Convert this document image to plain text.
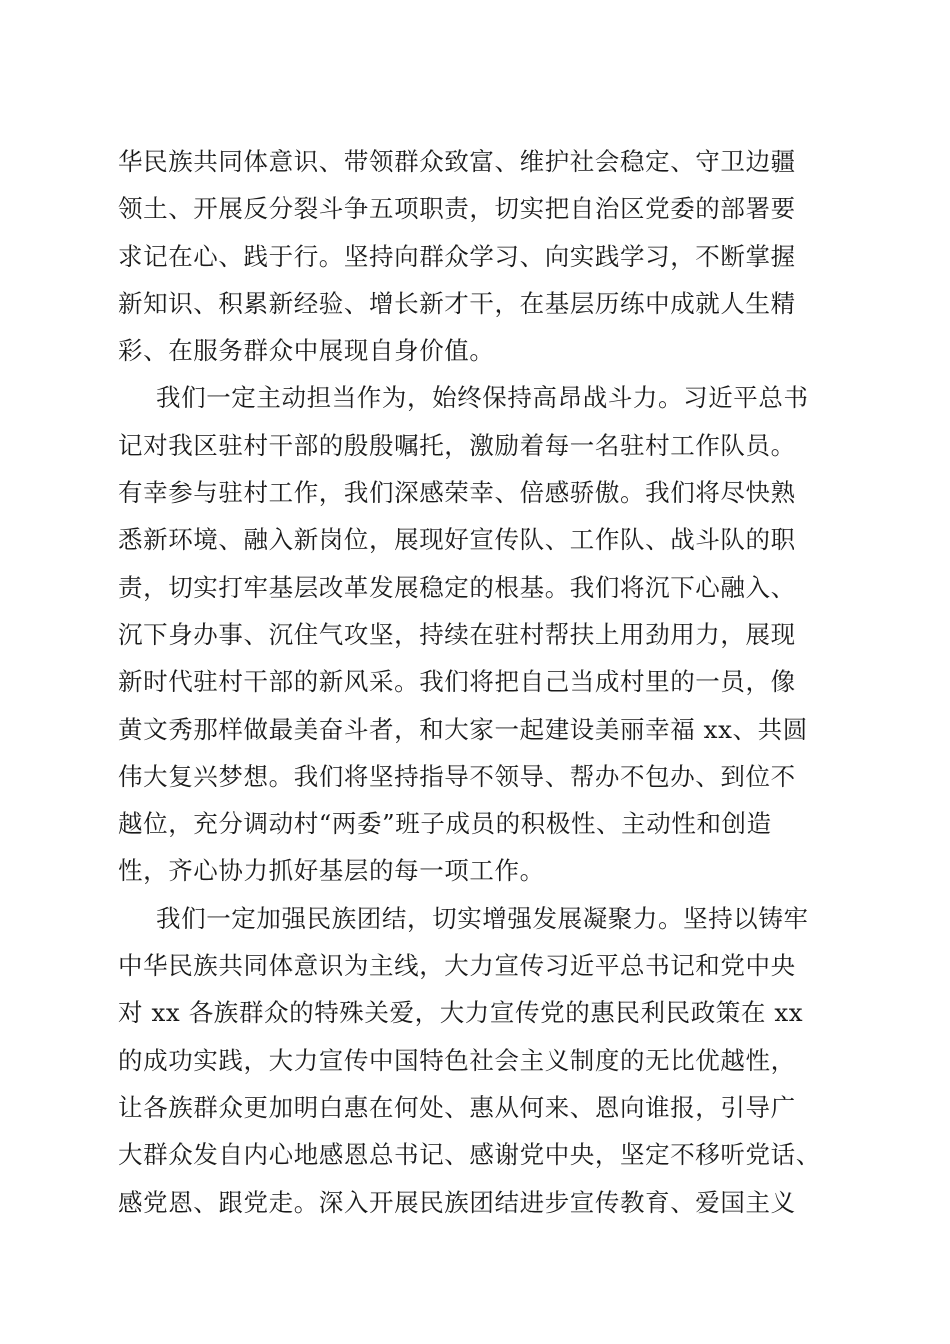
华民族共同体意识、带领群众致富、维护社会稳定、守卫边疆
领土、开展反分裂斗争五项职责，切实把自治区党委的部署要
求记在心、践于行。坚持向群众学习、向实践学习，不断掌握
新知识、积累新经验、增长新才干，在基层历练中成就人生精
彩、在服务群众中展现自身价值。
我们一定主动担当作为，始终保持高昂战斗力。习近平总书
记对我区驻村干部的殷殷嘱托，激励着每一名驻村工作队员。
有幸参与驻村工作，我们深感荣幸、倍感骄傲。我们将尽快熟
悉新环境、融入新岗位，展现好宣传队、工作队、战斗队的职
责，切实打牢基层改革发展稳定的根基。我们将沉下心融入、
沉下身办事、沉住气攻坚，持续在驻村帮扶上用劲用力，展现
新时代驻村干部的新风采。我们将把自己当成村里的一员，像
黄文秀那样做最美奋斗者，和大家一起建设美丽幸福 xx、共圆
伟大复兴梦想。我们将坚持指导不领导、帮办不包办、到位不
越位，充分调动村“两委”班子成员的积极性、主动性和创造
性，齐心协力抓好基层的每一项工作。
我们一定加强民族团结，切实增强发展凝聚力。坚持以铸牢
中华民族共同体意识为主线，大力宣传习近平总书记和党中央
对 xx 各族群众的特殊关爱，大力宣传党的惠民利民政策在 xx
的成功实践，大力宣传中国特色社会主义制度的无比优越性，
让各族群众更加明白惠在何处、惠从何来、恩向谁报，引导广
大群众发自内心地感恩总书记、感谢党中央，坚定不移听党话、
感党恩、跟党走。深入开展民族团结进步宣传教育、爱国主义
